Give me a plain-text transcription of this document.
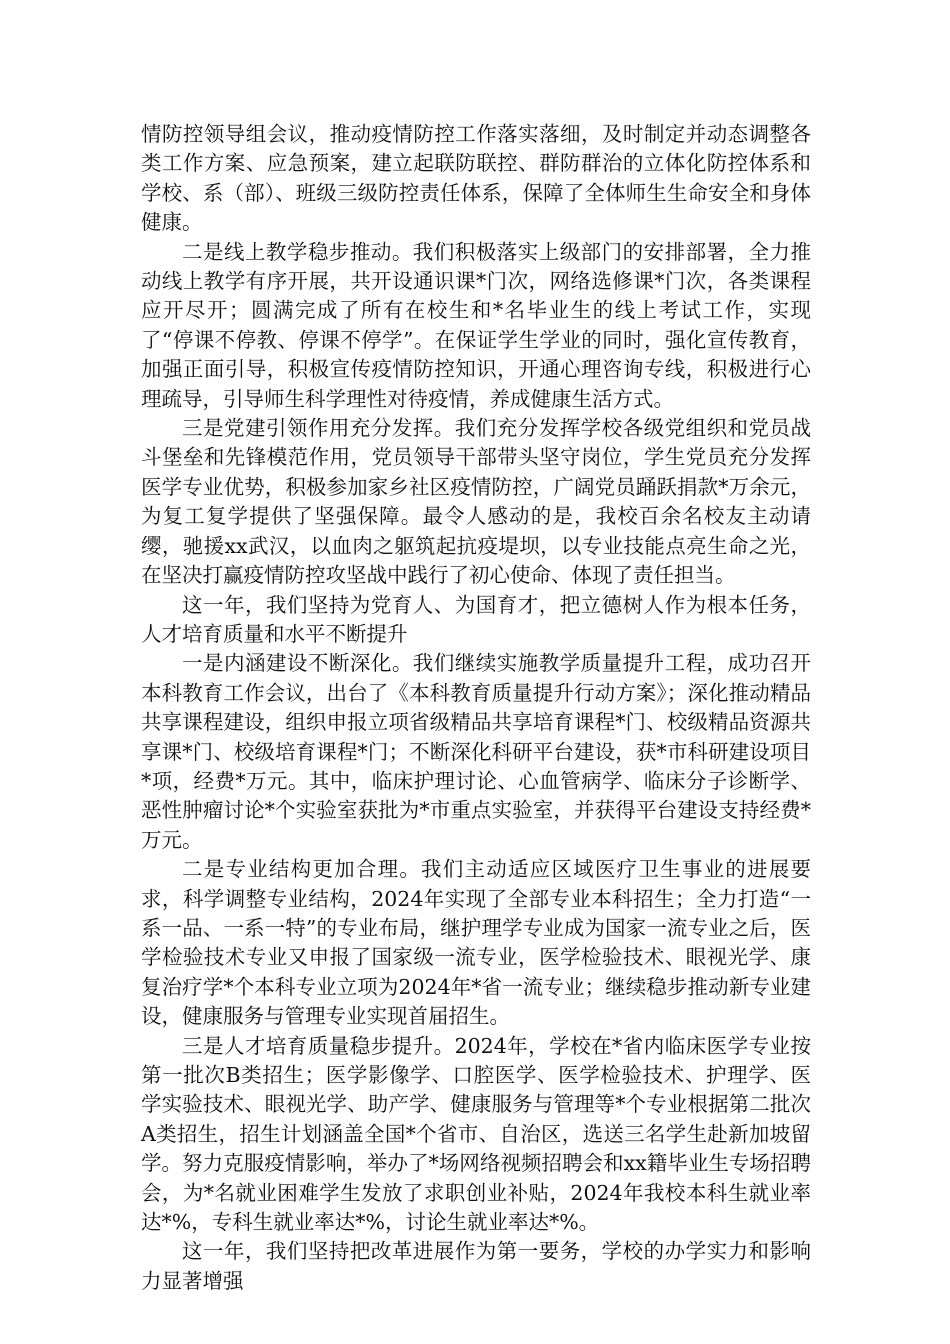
情防控领导组会议，推动疫情防控工作落实落细，及时制定并动态调整各类工作方案、应急预案，建立起联防联控、群防群治的立体化防控体系和学校、系（部）、班级三级防控责任体系，保障了全体师生生命安全和身体健康。

二是线上教学稳步推动。我们积极落实上级部门的安排部署，全力推动线上教学有序开展，共开设通识课*门次，网络选修课*门次，各类课程应开尽开；圆满完成了所有在校生和*名毕业生的线上考试工作，实现了“停课不停教、停课不停学”。在保证学生学业的同时，强化宣传教育，加强正面引导，积极宣传疫情防控知识，开通心理咨询专线，积极进行心理疏导，引导师生科学理性对待疫情，养成健康生活方式。

三是党建引领作用充分发挥。我们充分发挥学校各级党组织和党员战斗堡垒和先锋模范作用，党员领导干部带头坚守岗位，学生党员充分发挥医学专业优势，积极参加家乡社区疫情防控，广阔党员踊跃捐款*万余元，为复工复学提供了坚强保障。最令人感动的是，我校百余名校友主动请缨，驰援xx武汉，以血肉之躯筑起抗疫堤坝，以专业技能点亮生命之光，在坚决打赢疫情防控攻坚战中践行了初心使命、体现了责任担当。

这一年，我们坚持为党育人、为国育才，把立德树人作为根本任务，人才培育质量和水平不断提升

一是内涵建设不断深化。我们继续实施教学质量提升工程，成功召开本科教育工作会议，出台了《本科教育质量提升行动方案》；深化推动精品共享课程建设，组织申报立项省级精品共享培育课程*门、校级精品资源共享课*门、校级培育课程*门；不断深化科研平台建设，获*市科研建设项目*项，经费*万元。其中，临床护理讨论、心血管病学、临床分子诊断学、恶性肿瘤讨论*个实验室获批为*市重点实验室，并获得平台建设支持经费*万元。

二是专业结构更加合理。我们主动适应区域医疗卫生事业的进展要求，科学调整专业结构，2024年实现了全部专业本科招生；全力打造“一系一品、一系一特”的专业布局，继护理学专业成为国家一流专业之后，医学检验技术专业又申报了国家级一流专业，医学检验技术、眼视光学、康复治疗学*个本科专业立项为2024年*省一流专业；继续稳步推动新专业建设，健康服务与管理专业实现首届招生。

三是人才培育质量稳步提升。2024年，学校在*省内临床医学专业按第一批次B类招生；医学影像学、口腔医学、医学检验技术、护理学、医学实验技术、眼视光学、助产学、健康服务与管理等*个专业根据第二批次A类招生，招生计划涵盖全国*个省市、自治区，选送三名学生赴新加坡留学。努力克服疫情影响，举办了*场网络视频招聘会和xx籍毕业生专场招聘会，为*名就业困难学生发放了求职创业补贴，2024年我校本科生就业率达*%，专科生就业率达*%，讨论生就业率达*%。

这一年，我们坚持把改革进展作为第一要务，学校的办学实力和影响力显著增强
